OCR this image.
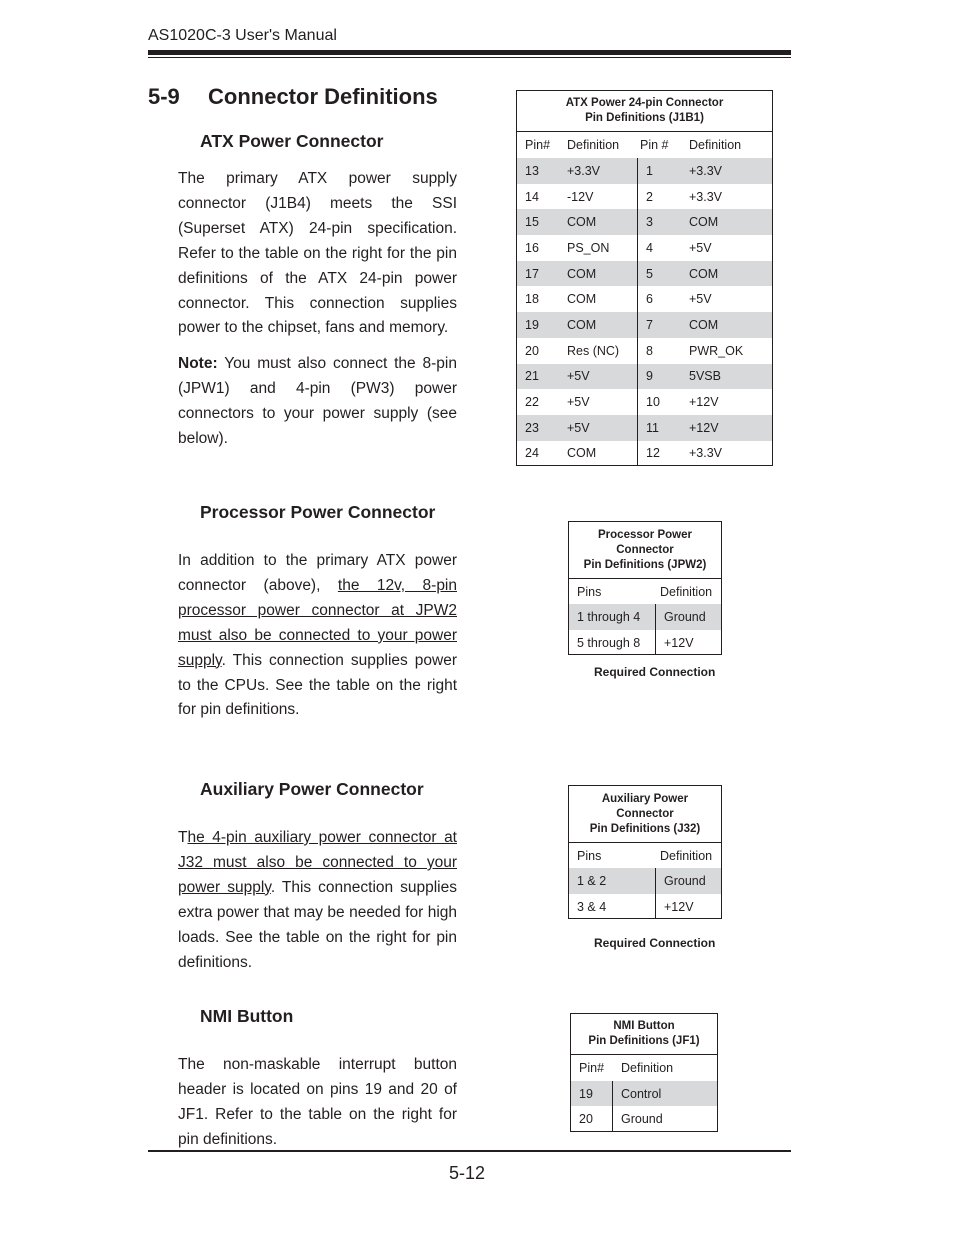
AS1020C-3 User's Manual
5-9 Connector Definitions
ATX Power Connector

The primary ATX power supply connector (J1B4) meets the SSI (Superset ATX) 24-pin specification. Refer to the table on the right for the pin definitions of the ATX 24-pin power connector. This connection supplies power to the chipset, fans and memory.

Note: You must also connect the 8-pin (JPW1) and 4-pin (PW3) power connectors to your power supply (see below).

ATX Power 24-pin Connector
Pin Definitions (J1B1)
Pin#	Definition	Pin #	Definition
13	+3.3V	1	+3.3V
14	-12V	2	+3.3V
15	COM	3	COM
16	PS_ON	4	+5V
17	COM	5	COM
18	COM	6	+5V
19	COM	7	COM
20	Res (NC)	8	PWR_OK
21	+5V	9	5VSB
22	+5V	10	+12V
23	+5V	11	+12V
24	COM	12	+3.3V
Processor Power Connector

In addition to the primary ATX power connector (above), the 12v, 8-pin processor power connector at JPW2 must also be connected to your power supply. This connection supplies power to the CPUs. See the table on the right for pin definitions.

Processor Power
Connector
Pin Definitions (JPW2)
Pins	Definition
1 through 4	Ground
5 through 8	+12V
Required Connection
Auxiliary Power Connector

The 4-pin auxiliary power connector at J32 must also be connected to your power supply. This connection supplies extra power that may be needed for high loads. See the table on the right for pin definitions.

Auxiliary Power
Connector
Pin Definitions (J32)
Pins	Definition
1 & 2	Ground
3 & 4	+12V
Required Connection
NMI Button

The non-maskable interrupt button header is located on pins 19 and 20 of JF1. Refer to the table on the right for pin definitions.

NMI Button
Pin Definitions (JF1)
Pin#	Definition
19	Control
20	Ground
5-12
